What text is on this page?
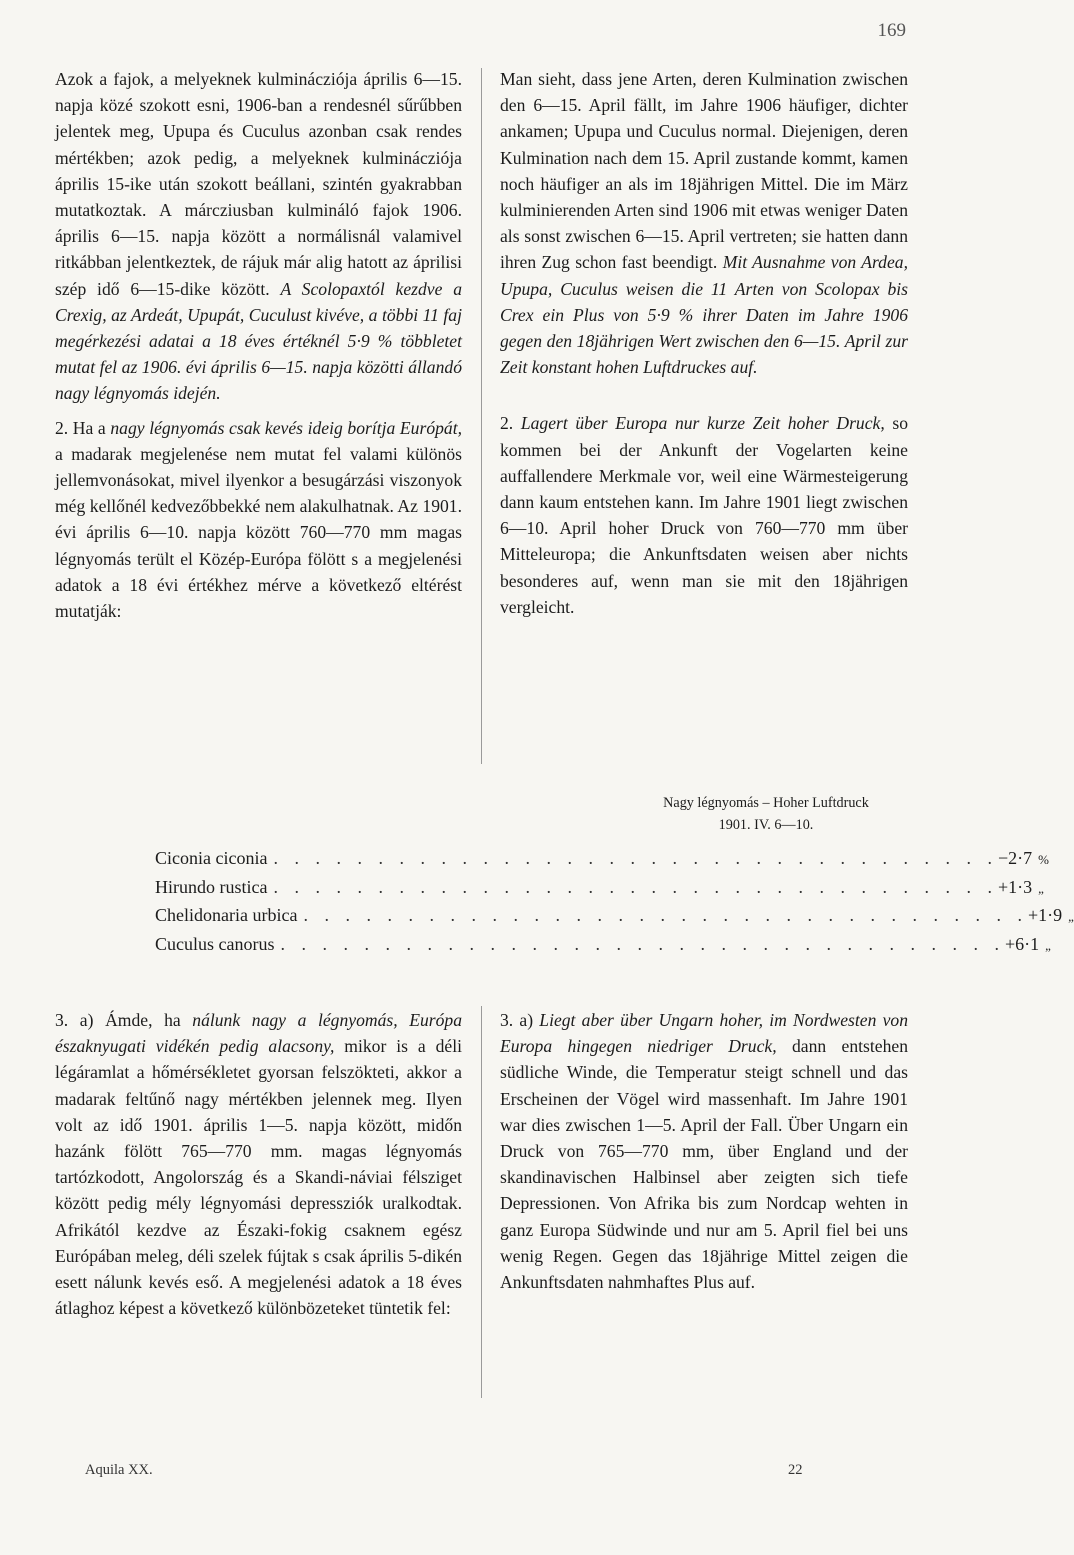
169

Azok a fajok, a melyeknek kulminácziója április 6—15. napja közé szokott esni, 1906-ban a rendesnél sűrűbben jelentek meg, Upupa és Cuculus azonban csak rendes mértékben; azok pedig, a melyeknek kulminácziója április 15-ike után szokott beállani, szintén gyakrabban mutatkoztak. A márcziusban kulmináló fajok 1906. április 6—15. napja között a normálisnál valamivel ritkábban jelentkeztek, de rájuk már alig hatott az áprilisi szép idő 6—15-dike között. A Scolopaxtól kezdve a Crexig, az Ardeát, Upupát, Cuculust kivéve, a többi 11 faj megérkezési adatai a 18 éves értéknél 5·9 % többletet mutat fel az 1906. évi április 6—15. napja közötti állandó nagy légnyomás idején.

2. Ha a nagy légnyomás csak kevés ideig borítja Európát, a madarak megjelenése nem mutat fel valami különös jellemvonásokat, mivel ilyenkor a besugárzási viszonyok még kellőnél kedvezőbbekké nem alakulhatnak. Az 1901. évi április 6—10. napja között 760—770 mm magas légnyomás terült el Közép-Európa fölött s a megjelenési adatok a 18 évi értékhez mérve a következő eltérést mutatják:

Man sieht, dass jene Arten, deren Kulmination zwischen den 6—15. April fällt, im Jahre 1906 häufiger, dichter ankamen; Upupa und Cuculus normal. Diejenigen, deren Kulmination nach dem 15. April zustande kommt, kamen noch häufiger an als im 18jährigen Mittel. Die im März kulminierenden Arten sind 1906 mit etwas weniger Daten als sonst zwischen 6—15. April vertreten; sie hatten dann ihren Zug schon fast beendigt. Mit Ausnahme von Ardea, Upupa, Cuculus weisen die 11 Arten von Scolopax bis Crex ein Plus von 5·9 % ihrer Daten im Jahre 1906 gegen den 18jährigen Wert zwischen den 6—15. April zur Zeit konstant hohen Luftdruckes auf.

2. Lagert über Europa nur kurze Zeit hoher Druck, so kommen bei der Ankunft der Vogelarten keine auffallendere Merkmale vor, weil eine Wärmesteigerung dann kaum entstehen kann. Im Jahre 1901 liegt zwischen 6—10. April hoher Druck von 760—770 mm über Mitteleuropa; die Ankunftsdaten weisen aber nichts besonderes auf, wenn man sie mit den 18jährigen vergleicht.

Nagy légnyomás – Hoher Luftdruck
1901. IV. 6—10.
Ciconia ciconia . . . . . . . . . . . . . . . . . . . . . . . . . . . . . . . . . . . −2·7 %
Hirundo rustica . . . . . . . . . . . . . . . . . . . . . . . . . . . . . . . . . . . +1·3 „
Chelidonaria urbica . . . . . . . . . . . . . . . . . . . . . . . . . . . . . . . . . . . +1·9 „
Cuculus canorus . . . . . . . . . . . . . . . . . . . . . . . . . . . . . . . . . . . +6·1 „

3. a) Ámde, ha nálunk nagy a légnyomás, Európa északnyugati vidékén pedig alacsony, mikor is a déli légáramlat a hőmérsékletet gyorsan felszökteti, akkor a madarak feltűnő nagy mértékben jelennek meg. Ilyen volt az idő 1901. április 1—5. napja között, midőn hazánk fölött 765—770 mm. magas légnyomás tartózkodott, Angolország és a Skandi-náviai félsziget között pedig mély légnyomási depressziók uralkodtak. Afrikától kezdve az Északi-fokig csaknem egész Európában meleg, déli szelek fújtak s csak április 5-dikén esett nálunk kevés eső. A megjelenési adatok a 18 éves átlaghoz képest a következő különbözeteket tüntetik fel:

3. a) Liegt aber über Ungarn hoher, im Nordwesten von Europa hingegen niedriger Druck, dann entstehen südliche Winde, die Temperatur steigt schnell und das Erscheinen der Vögel wird massenhaft. Im Jahre 1901 war dies zwischen 1—5. April der Fall. Über Ungarn ein Druck von 765—770 mm, über England und der skandinavischen Halbinsel aber zeigten sich tiefe Depressionen. Von Afrika bis zum Nordcap wehten in ganz Europa Südwinde und nur am 5. April fiel bei uns wenig Regen. Gegen das 18jährige Mittel zeigen die Ankunftsdaten nahmhaftes Plus auf.

Aquila XX.	22
